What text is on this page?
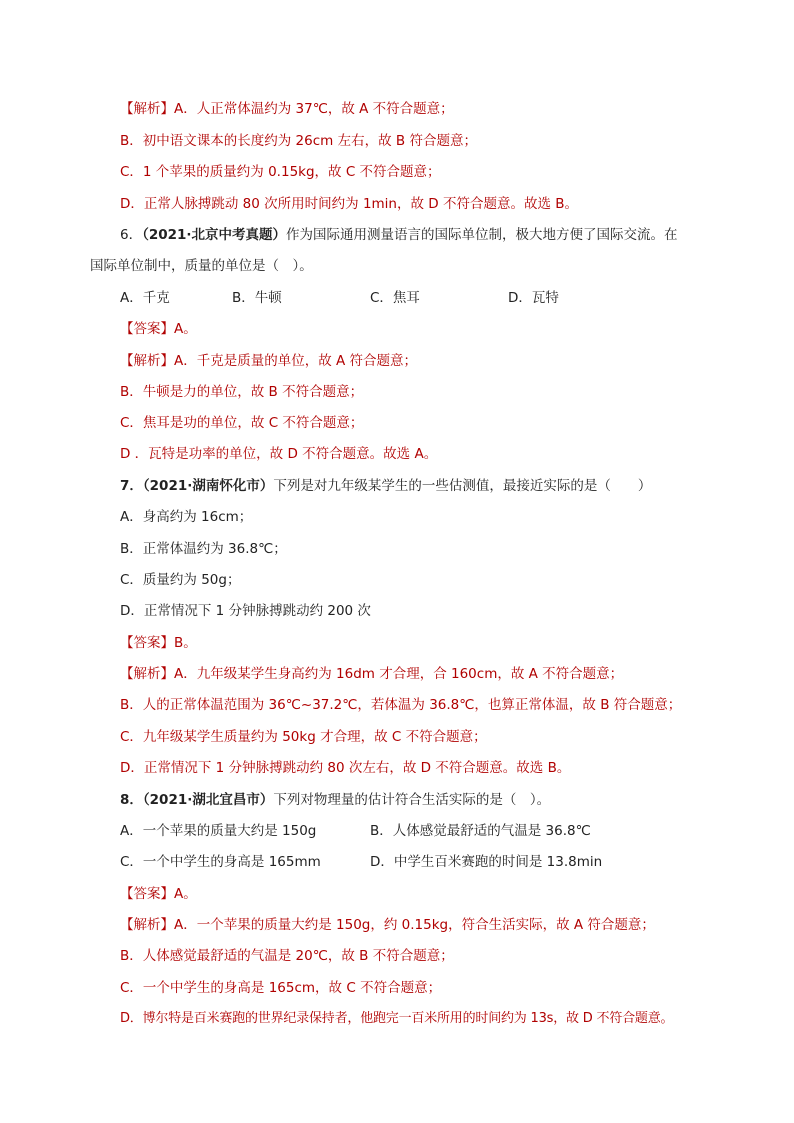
【解析】A．人正常体温约为 37℃，故 A 不符合题意；
B．初中语文课本的长度约为 26cm 左右，故 B 符合题意；
C．1 个苹果的质量约为 0.15kg，故 C 不符合题意；
D．正常人脉搏跳动 80 次所用时间约为 1min，故 D 不符合题意。故选 B。
6．（2021·北京中考真题）作为国际通用测量语言的国际单位制，极大地方便了国际交流。在
国际单位制中，质量的单位是（　）。
A．千克	B．牛顿	C．焦耳	D．瓦特
【答案】A。
【解析】A．千克是质量的单位，故 A 符合题意；
B．牛顿是力的单位，故 B 不符合题意；
C．焦耳是功的单位，故 C 不符合题意；
D ．瓦特是功率的单位，故 D 不符合题意。故选 A。
7．（2021·湖南怀化市）下列是对九年级某学生的一些估测值，最接近实际的是（　　）
A．身高约为 16cm；
B．正常体温约为 36.8℃；
C．质量约为 50g；
D．正常情况下 1 分钟脉搏跳动约 200 次
【答案】B。
【解析】A．九年级某学生身高约为 16dm 才合理，合 160cm，故 A 不符合题意；
B．人的正常体温范围为 36℃~37.2℃，若体温为 36.8℃，也算正常体温，故 B 符合题意；
C．九年级某学生质量约为 50kg 才合理，故 C 不符合题意；
D．正常情况下 1 分钟脉搏跳动约 80 次左右，故 D 不符合题意。故选 B。
8．（2021·湖北宜昌市）下列对物理量的估计符合生活实际的是（　）。
A．一个苹果的质量大约是 150g	B．人体感觉最舒适的气温是 36.8℃
C．一个中学生的身高是 165mm	D．中学生百米赛跑的时间是 13.8min
【答案】A。
【解析】A．一个苹果的质量大约是 150g，约 0.15kg，符合生活实际，故 A 符合题意；
B．人体感觉最舒适的气温是 20℃，故 B 不符合题意；
C．一个中学生的身高是 165cm，故 C 不符合题意；
D．博尔特是百米赛跑的世界纪录保持者，他跑完一百米所用的时间约为 13s，故 D 不符合题意。
